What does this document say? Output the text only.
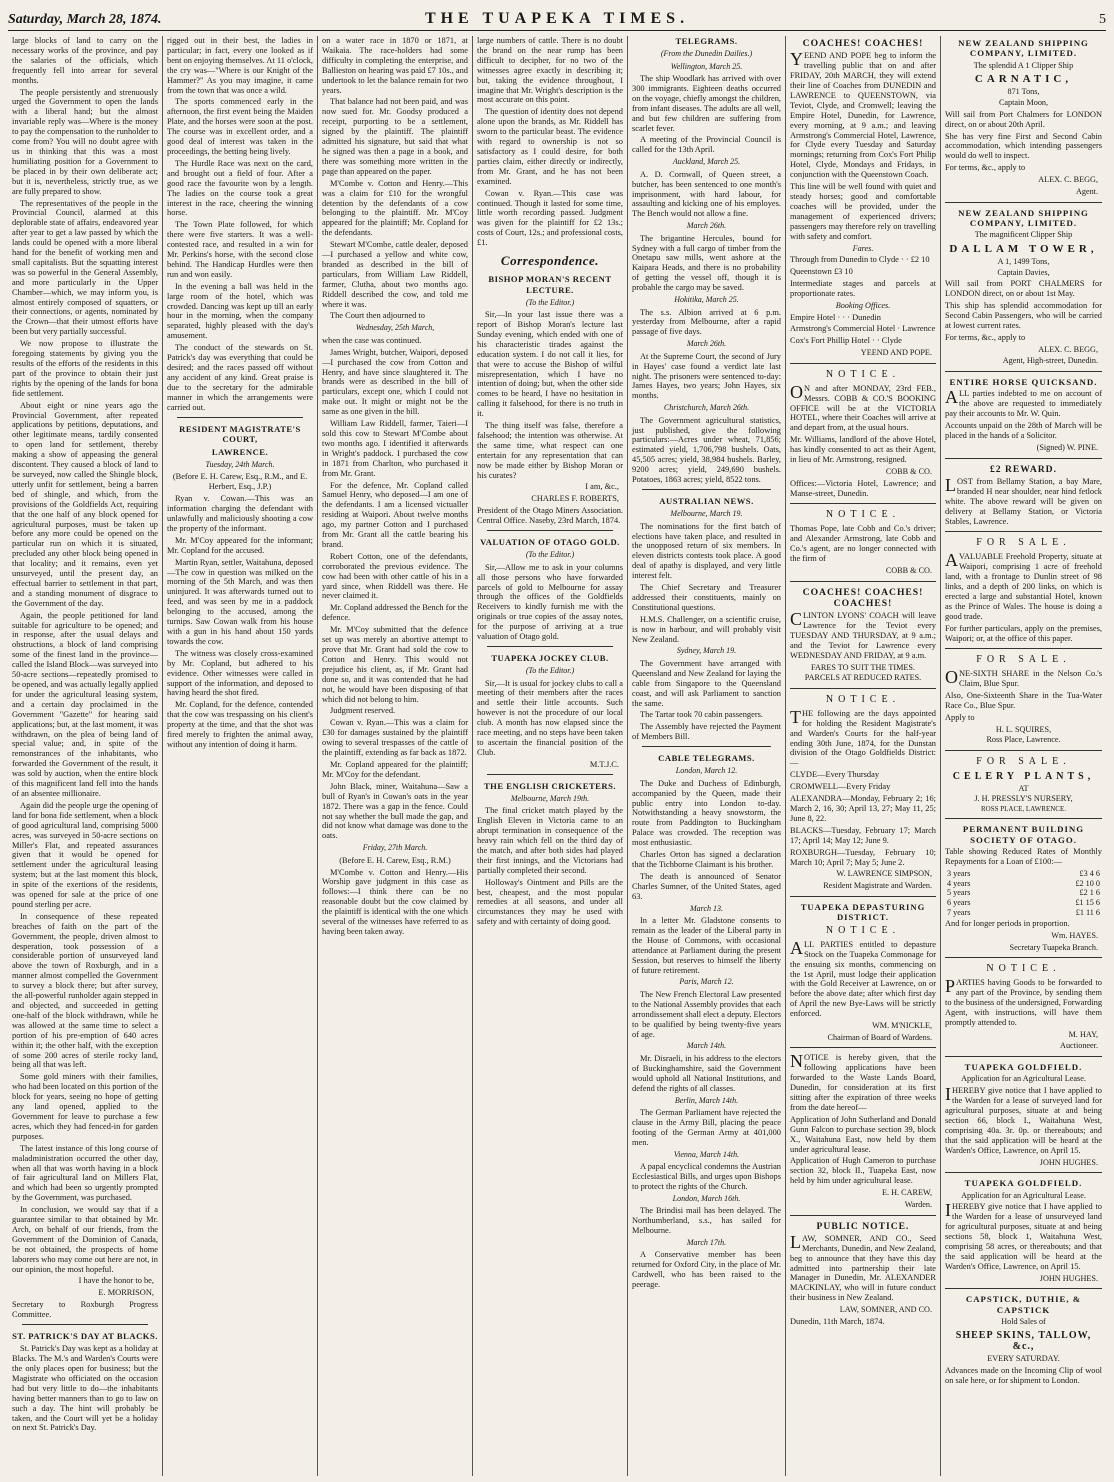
Saturday, March 28, 1874.	THE TUAPEKA TIMES.	5

large blocks of land to carry on the necessary works of the province, and pay the salaries of the officials, which frequently fell into arrear for several months.

The people persistently and strenuously urged the Government to open the lands with a liberal hand; but the almost invariable reply was—Where is the money to pay the compensation to the runholder to come from? You will no doubt agree with us in thinking that this was a most humiliating position for a Government to be placed in by their own deliberate act; but it is, nevertheless, strictly true, as we are fully prepared to show.

The representatives of the people in the Provincial Council, alarmed at this deplorable state of affairs, endeavored year after year to get a law passed by which the lands could be opened with a more liberal hand for the benefit of working men and small capitalists. But the squatting interest was so powerful in the General Assembly, and more particularly in the Upper Chamber—which, we may inform you, is almost entirely composed of squatters, or their connections, or agents, nominated by the Crown—that their utmost efforts have been but very partially successful.

We now propose to illustrate the foregoing statements by giving you the results of the efforts of the residents in this part of the province to obtain their just rights by the opening of the lands for bona fide settlement.

About eight or nine years ago the Provincial Government, after repeated applications by petitions, deputations, and other legitimate means, tardily consented to open land for settlement, thereby making a show of appeasing the general discontent. They caused a block of land to be surveyed, now called the Shingle block, utterly unfit for settlement, being a barren bed of shingle, and which, from the provisions of the Goldfields Act, requiring that the one half of any block opened for agricultural purposes, must be taken up before any more could be opened on the particular run on which it is situated, precluded any other block being opened in that locality; and it remains, even yet unsurveyed, until the present day, an effectual barrier to settlement in that part, and a standing monument of disgrace to the Government of the day.

Again, the people petitioned for land suitable for agriculture to be opened; and in response, after the usual delays and obstructions, a block of land comprising some of the finest land in the province—called the Island Block—was surveyed into 50-acre sections—repeatedly promised to be opened, and was actually legally applied for under the agricultural leasing system, and a certain day proclaimed in the Government "Gazette" for hearing said applications; but, at the last moment, it was withdrawn, on the plea of being land of special value; and, in spite of the remonstrances of the inhabitants, who forwarded the Government of the result, it was sold by auction, when the entire block of this magnificent land fell into the hands of an absentee millionaire.

Again did the people urge the opening of land for bona fide settlement, when a block of good agricultural land, comprising 5000 acres, was surveyed in 50-acre sections on Miller's Flat, and repeated assurances given that it would be opened for settlement under the agricultural leasing system; but at the last moment this block, in spite of the exertions of the residents, was opened for sale at the price of one pound sterling per acre.

In consequence of these repeated breaches of faith on the part of the Government, the people, driven almost to desperation, took possession of a considerable portion of unsurveyed land above the town of Roxburgh, and in a manner almost compelled the Government to survey a block there; but after survey, the all-powerful runholder again stepped in and objected, and succeeded in getting one-half of the block withdrawn, while he was allowed at the same time to select a portion of his pre-emption of 640 acres within it; the other half, with the exception of some 200 acres of sterile rocky land, being all that was left.

Some gold miners with their families, who had been located on this portion of the block for years, seeing no hope of getting any land opened, applied to the Government for leave to purchase a few acres, which they had fenced-in for garden purposes.

The latest instance of this long course of maladministration occurred the other day, when all that was worth having in a block of fair agricultural land on Millers Flat, and which had been so urgently prompted by the Government, was purchased.

In conclusion, we would say that if a guarantee similar to that obtained by Mr. Arch, on behalf of our friends, from the Government of the Dominion of Canada, be not obtained, the prospects of home laborers who may come out here are not, in our opinion, the most hopeful.

I have the honor to be,

E. MORRISON,

Secretary to Roxburgh Progress Committee.

ST. PATRICK'S DAY AT BLACKS.

St. Patrick's Day was kept as a holiday at Blacks. The M.'s and Warden's Courts were the only places open for business; but the Magistrate who officiated on the occasion had but very little to do—the inhabitants having better manners than to go to law on such a day. The hint will probably be taken, and the Court will yet be a holiday on next St. Patrick's Day.

rigged out in their best, the ladies in particular; in fact, every one looked as if bent on enjoying themselves. At 11 o'clock, the cry was—"Where is our Knight of the Hammer?" As you may imagine, it came from the town that was once a wild.

The sports commenced early in the afternoon, the first event being the Maiden Plate, and the horses were soon at the post. The course was in excellent order, and a good deal of interest was taken in the proceedings, the betting being lively.

The Hurdle Race was next on the card, and brought out a field of four. After a good race the favourite won by a length. The ladies on the course took a great interest in the race, cheering the winning horse.

The Town Plate followed, for which there were five starters. It was a well-contested race, and resulted in a win for Mr. Perkins's horse, with the second close behind. The Handicap Hurdles were then run and won easily.

In the evening a ball was held in the large room of the hotel, which was crowded. Dancing was kept up till an early hour in the morning, when the company separated, highly pleased with the day's amusement.

The conduct of the stewards on St. Patrick's day was everything that could be desired; and the races passed off without any accident of any kind. Great praise is due to the secretary for the admirable manner in which the arrangements were carried out.

RESIDENT MAGISTRATE'S COURT,
LAWRENCE.
Tuesday, 24th March.

(Before E. H. Carew, Esq., R.M., and E. Herbert, Esq., J.P.)

Ryan v. Cowan.—This was an information charging the defendant with unlawfully and maliciously shooting a cow the property of the informant.

Mr. M'Coy appeared for the informant; Mr. Copland for the accused.

Martin Ryan, settler, Waitahuna, deposed—The cow in question was milked on the morning of the 5th March, and was then uninjured. It was afterwards turned out to feed, and was seen by me in a paddock belonging to the accused, among the turnips. Saw Cowan walk from his house with a gun in his hand about 150 yards towards the cow.

The witness was closely cross-examined by Mr. Copland, but adhered to his evidence. Other witnesses were called in support of the information, and deposed to having heard the shot fired.

Mr. Copland, for the defence, contended that the cow was trespassing on his client's property at the time, and that the shot was fired merely to frighten the animal away, without any intention of doing it harm.

on a water race in 1870 or 1871, at Waikaia. The race-holders had some difficulty in completing the enterprise, and Ballieston on hearing was paid £7 10s., and undertook to let the balance remain for two years.

That balance had not been paid, and was now sued for. Mr. Goodsy produced a receipt, purporting to be a settlement, signed by the plaintiff. The plaintiff admitted his signature, but said that what he signed was then a page in a book, and there was something more written in the page than appeared on the paper.

M'Combe v. Cotton and Henry.—This was a claim for £10 for the wrongful detention by the defendants of a cow belonging to the plaintiff. Mr. M'Coy appeared for the plaintiff; Mr. Copland for the defendants.

Stewart M'Combe, cattle dealer, deposed—I purchased a yellow and white cow, branded as described in the bill of particulars, from William Law Riddell, farmer, Clutha, about two months ago. Riddell described the cow, and told me where it was.

The Court then adjourned to

Wednesday, 25th March,

when the case was continued.

James Wright, butcher, Waipori, deposed—I purchased the cow from Cotton and Henry, and have since slaughtered it. The brands were as described in the bill of particulars, except one, which I could not make out. It might or might not be the same as one given in the bill.

William Law Riddell, farmer, Taieri—I sold this cow to Stewart M'Combe about two months ago. I identified it afterwards in Wright's paddock. I purchased the cow in 1871 from Charlton, who purchased it from Mr. Grant.

For the defence, Mr. Copland called Samuel Henry, who deposed—I am one of the defendants. I am a licensed victualler residing at Waipori. About twelve months ago, my partner Cotton and I purchased from Mr. Grant all the cattle bearing his brand.

Robert Cotton, one of the defendants, corroborated the previous evidence. The cow had been with other cattle of his in a yard since, when Riddell was there. He never claimed it.

Mr. Copland addressed the Bench for the defence.

Mr. M'Coy submitted that the defence set up was merely an abortive attempt to prove that Mr. Grant had sold the cow to Cotton and Henry. This would not prejudice his client, as, if Mr. Grant had done so, and it was contended that he had not, he would have been disposing of that which did not belong to him.

Judgment reserved.

Cowan v. Ryan.—This was a claim for £30 for damages sustained by the plaintiff owing to several trespasses of the cattle of the plaintiff, extending as far back as 1872.

Mr. Copland appeared for the plaintiff; Mr. M'Coy for the defendant.

John Black, miner, Waitahuna—Saw a bull of Ryan's in Cowan's oats in the year 1872. There was a gap in the fence. Could not say whether the bull made the gap, and did not know what damage was done to the oats.

Friday, 27th March.

(Before E. H. Carew, Esq., R.M.)

M'Combe v. Cotton and Henry.—His Worship gave judgment in this case as follows:—I think there can be no reasonable doubt but the cow claimed by the plaintiff is identical with the one which several of the witnesses have referred to as having been taken away.

large numbers of cattle. There is no doubt the brand on the near rump has been difficult to decipher, for no two of the witnesses agree exactly in describing it; but, taking the evidence throughout, I imagine that Mr. Wright's description is the most accurate on this point.

The question of identity does not depend alone upon the brands, as Mr. Riddell has sworn to the particular beast. The evidence with regard to ownership is not so satisfactory as I could desire, for both parties claim, either directly or indirectly, from Mr. Grant, and he has not been examined.

Cowan v. Ryan.—This case was continued. Though it lasted for some time, little worth recording passed. Judgment was given for the plaintiff for £2 13s.; costs of Court, 12s.; and professional costs, £1.

Correspondence.
BISHOP MORAN'S RECENT LECTURE.
(To the Editor.)

Sir,—In your last issue there was a report of Bishop Moran's lecture last Sunday evening, which ended with one of his characteristic tirades against the education system. I do not call it lies, for that were to accuse the Bishop of wilful misrepresentation, which I have no intention of doing; but, when the other side comes to be heard, I have no hesitation in calling it falsehood, for there is no truth in it.

The thing itself was false, therefore a falsehood; the intention was otherwise. At the same time, what respect can one entertain for any representation that can now be made either by Bishop Moran or his curates?

I am, &c.,

CHARLES F. ROBERTS,

President of the Otago Miners Association. Central Office. Naseby, 23rd March, 1874.

VALUATION OF OTAGO GOLD.
(To the Editor.)

Sir,—Allow me to ask in your columns all those persons who have forwarded parcels of gold to Melbourne for assay through the offices of the Goldfields Receivers to kindly furnish me with the originals or true copies of the assay notes, for the purpose of arriving at a true valuation of Otago gold.

TUAPEKA JOCKEY CLUB.
(To the Editor.)

Sir,—It is usual for jockey clubs to call a meeting of their members after the races and settle their little accounts. Such however is not the procedure of our local club. A month has now elapsed since the race meeting, and no steps have been taken to ascertain the financial position of the Club.

M.T.J.C.

THE ENGLISH CRICKETERS.
Melbourne, March 19th.

The final cricket match played by the English Eleven in Victoria came to an abrupt termination in consequence of the heavy rain which fell on the third day of the match, and after both sides had played their first innings, and the Victorians had partially completed their second.

Holloway's Ointment and Pills are the best, cheapest, and the most popular remedies at all seasons, and under all circumstances they may be used with safety and with certainty of doing good.

TELEGRAMS.
(From the Dunedin Dailies.)
Wellington, March 25.

The ship Woodlark has arrived with over 300 immigrants. Eighteen deaths occurred on the voyage, chiefly amongst the children, from infant diseases. The adults are all well, and but few children are suffering from scarlet fever.

A meeting of the Provincial Council is called for the 13th April.

Auckland, March 25.

A. D. Cornwall, of Queen street, a butcher, has been sentenced to one month's imprisonment, with hard labour, for assaulting and kicking one of his employes. The Bench would not allow a fine.

March 26th.

The brigantine Hercules, bound for Sydney with a full cargo of timber from the Onetapu saw mills, went ashore at the Kaipara Heads, and there is no probability of getting the vessel off, though it is probable the cargo may be saved.

Hokitika, March 25.

The s.s. Albion arrived at 6 p.m. yesterday from Melbourne, after a rapid passage of five days.

March 26th.

At the Supreme Court, the second of Jury in Hayes' case found a verdict late last night. The prisoners were sentenced to-day: James Hayes, two years; John Hayes, six months.

Christchurch, March 26th.

The Government agricultural statistics, just published, give the following particulars:—Acres under wheat, 71,856; estimated yield, 1,706,798 bushels. Oats, 45,505 acres; yield, 38,984 bushels. Barley, 9200 acres; yield, 249,690 bushels. Potatoes, 1863 acres; yield, 8522 tons.

AUSTRALIAN NEWS.
Melbourne, March 19.

The nominations for the first batch of elections have taken place, and resulted in the unopposed return of six members. In eleven districts contests took place. A good deal of apathy is displayed, and very little interest felt.

The Chief Secretary and Treasurer addressed their constituents, mainly on Constitutional questions.

H.M.S. Challenger, on a scientific cruise, is now in harbour, and will probably visit New Zealand.

Sydney, March 19.

The Government have arranged with Queensland and New Zealand for laying the cable from Singapore to the Queensland coast, and will ask Parliament to sanction the same.

The Tartar took 70 cabin passengers.

The Assembly have rejected the Payment of Members Bill.

CABLE TELEGRAMS.
London, March 12.

The Duke and Duchess of Edinburgh, accompanied by the Queen, made their public entry into London to-day. Notwithstanding a heavy snowstorm, the route from Paddington to Buckingham Palace was crowded. The reception was most enthusiastic.

Charles Orton has signed a declaration that the Tichborne Claimant is his brother.

The death is announced of Senator Charles Sumner, of the United States, aged 63.

March 13.

In a letter Mr. Gladstone consents to remain as the leader of the Liberal party in the House of Commons, with occasional attendance at Parliament during the present Session, but reserves to himself the liberty of future retirement.

Paris, March 12.

The New French Electoral Law presented to the National Assembly provides that each arrondissement shall elect a deputy. Electors to be qualified by being twenty-five years of age.

March 14th.

Mr. Disraeli, in his address to the electors of Buckinghamshire, said the Government would uphold all National Institutions, and defend the rights of all classes.

Berlin, March 14th.

The German Parliament have rejected the clause in the Army Bill, placing the peace footing of the German Army at 401,000 men.

Vienna, March 14th.

A papal encyclical condemns the Austrian Ecclesiastical Bills, and urges upon Bishops to protect the rights of the Church.

London, March 16th.

The Brindisi mail has been delayed. The Northumberland, s.s., has sailed for Melbourne.

March 17th.

A Conservative member has been returned for Oxford City, in the place of Mr. Cardwell, who has been raised to the peerage.

COACHES! COACHES!
YEEND AND POPE beg to inform the travelling public that on and after FRIDAY, 20th MARCH, they will extend their line of Coaches from DUNEDIN and LAWRENCE to QUEENSTOWN, via Teviot, Clyde, and Cromwell; leaving the Empire Hotel, Dunedin, for Lawrence, every morning, at 9 a.m.; and leaving Armstrong's Commercial Hotel, Lawrence, for Clyde every Tuesday and Saturday mornings; returning from Cox's Fort Philip Hotel, Clyde, Mondays and Fridays, in conjunction with the Queenstown Coach.
This line will be well found with quiet and steady horses; good and comfortable coaches will be provided, under the management of experienced drivers; passengers may therefore rely on travelling with safety and comfort.
Fares.
Through from Dunedin to Clyde · · £2 10
Queenstown £3 10
Intermediate stages and parcels at proportionate rates.
Booking Offices.
Empire Hotel · · · Dunedin
Armstrong's Commercial Hotel · Lawrence
Cox's Fort Phillip Hotel · · Clyde
YEEND AND POPE.
NOTICE.
ON and after MONDAY, 23rd FEB., Messrs. COBB & CO.'S BOOKING OFFICE will be at the VICTORIA HOTEL, where their Coaches will arrive at and depart from, at the usual hours.
Mr. Williams, landlord of the above Hotel, has kindly consented to act as their Agent, in lieu of Mr. Armstrong, resigned.
COBB & CO.
Offices:—Victoria Hotel, Lawrence; and Manse-street, Dunedin.
NOTICE.
Thomas Pope, late Cobb and Co.'s driver; and Alexander Armstrong, late Cobb and Co.'s agent, are no longer connected with the firm of
COBB & CO.
COACHES! COACHES! COACHES!
CLINTON LYONS' COACH will leave Lawrence for the Teviot every TUESDAY AND THURSDAY, at 9 a.m.; and the Teviot for Lawrence every WEDNESDAY AND FRIDAY, at 9 a.m.
FARES TO SUIT THE TIMES.
PARCELS AT REDUCED RATES.
NOTICE.
THE following are the days appointed for holding the Resident Magistrate's and Warden's Courts for the half-year ending 30th June, 1874, for the Dunstan division of the Otago Goldfields District:—
CLYDE—Every Thursday
CROMWELL—Every Friday
ALEXANDRA—Monday, February 2; 16; March 2, 16, 30; April 13, 27; May 11, 25; June 8, 22.
BLACKS—Tuesday, February 17; March 17; April 14; May 12; June 9.
ROXBURGH—Tuesday, February 10; March 10; April 7; May 5; June 2.
W. LAWRENCE SIMPSON,
Resident Magistrate and Warden.
TUAPEKA DEPASTURING DISTRICT.
NOTICE.
ALL PARTIES entitled to depasture Stock on the Tuapeka Commonage for the ensuing six months, commencing on the 1st April, must lodge their application with the Gold Receiver at Lawrence, on or before the above date; after which first day of April the new Bye-Laws will be strictly enforced.
WM. M'NICKLE,
Chairman of Board of Wardens.
NOTICE is hereby given, that the following applications have been forwarded to the Waste Lands Board, Dunedin, for consideration at its first sitting after the expiration of three weeks from the date hereof—
Application of John Sutherland and Donald Gunn Falcon to purchase section 39, block X., Waitahuna East, now held by them under agricultural lease.
Application of Hugh Cameron to purchase section 32, block II., Tuapeka East, now held by him under agricultural lease.
E. H. CAREW,
Warden.
PUBLIC NOTICE.
LAW, SOMNER, AND CO., Seed Merchants, Dunedin, and New Zealand, beg to announce that they have this day admitted into partnership their late Manager in Dunedin, Mr. ALEXANDER MACKINLAY, who will in future conduct their business in New Zealand.
LAW, SOMNER, AND CO.
Dunedin, 11th March, 1874.
NEW ZEALAND SHIPPING COMPANY, LIMITED.
The splendid A 1 Clipper Ship
CARNATIC,
871 Tons,
Captain Moon,
Will sail from Port Chalmers for LONDON direct, on or about 20th April.
She has very fine First and Second Cabin accommodation, which intending passengers would do well to inspect.
For terms, &c., apply to
ALEX. C. BEGG,
Agent.
NEW ZEALAND SHIPPING COMPANY, LIMITED.
The magnificent Clipper Ship
DALLAM TOWER,
A 1, 1499 Tons,
Captain Davies,
Will sail from PORT CHALMERS for LONDON direct, on or about 1st May.
This ship has splendid accommodation for Second Cabin Passengers, who will be carried at lowest current rates.
For terms, &c., apply to
ALEX. C. BEGG,
Agent, High-street, Dunedin.
ENTIRE HORSE QUICKSAND.
ALL parties indebted to me on account of the above are requested to immediately pay their accounts to Mr. W. Quin.
Accounts unpaid on the 28th of March will be placed in the hands of a Solicitor.
(Signed) W. PINE.
£2 REWARD.
LOST from Bellamy Station, a bay Mare, branded H near shoulder, near hind fetlock white. The above reward will be given on delivery at Bellamy Station, or Victoria Stables, Lawrence.
FOR SALE.
AVALUABLE Freehold Property, situate at Waipori, comprising 1 acre of freehold land, with a frontage to Dunlin street of 98 links, and a depth of 200 links, on which is erected a large and substantial Hotel, known as the Prince of Wales. The house is doing a good trade.
For further particulars, apply on the premises, Waipori; or, at the office of this paper.
FOR SALE.
ONE-SIXTH SHARE in the Nelson Co.'s Claim, Blue Spur.
Also, One-Sixteenth Share in the Tua-Water Race Co., Blue Spur.
Apply to
H. L. SQUIRES,
Ross Place, Lawrence.
FOR SALE.
CELERY PLANTS,
AT
J. H. PRESSLY'S NURSERY,
ROSS PLACE, LAWRENCE.
PERMANENT BUILDING SOCIETY OF OTAGO.
Table showing Reduced Rates of Monthly Repayments for a Loan of £100:—
3 years	£3 4 6
4 years	£2 10 0
5 years	£2 1 6
6 years	£1 15 6
7 years	£1 11 6
And for longer periods in proportion.
Wm. HAYES.
Secretary Tuapeka Branch.
NOTICE.
PARTIES having Goods to be forwarded to any part of the Province, by sending them to the business of the undersigned, Forwarding Agent, with instructions, will have them promptly attended to.
M. HAY,
Auctioneer.
TUAPEKA GOLDFIELD.
Application for an Agricultural Lease.
IHEREBY give notice that I have applied to the Warden for a lease of surveyed land for agricultural purposes, situate at and being section 66, block I., Waitahuna West, comprising 40a. 3r. 0p. or thereabouts; and that the said application will be heard at the Warden's Office, Lawrence, on April 15.
JOHN HUGHES.
TUAPEKA GOLDFIELD.
Application for an Agricultural Lease.
IHEREBY give notice that I have applied to the Warden for a lease of unsurveyed land for agricultural purposes, situate at and being sections 58, block 1, Waitahuna West, comprising 58 acres, or thereabouts; and that the said application will be heard at the Warden's Office, Lawrence, on April 15.
JOHN HUGHES.
CAPSTICK, DUTHIE, & CAPSTICK
Hold Sales of
SHEEP SKINS, TALLOW, &c.,
EVERY SATURDAY.
Advances made on the Incoming Clip of wool on sale here, or for shipment to London.
